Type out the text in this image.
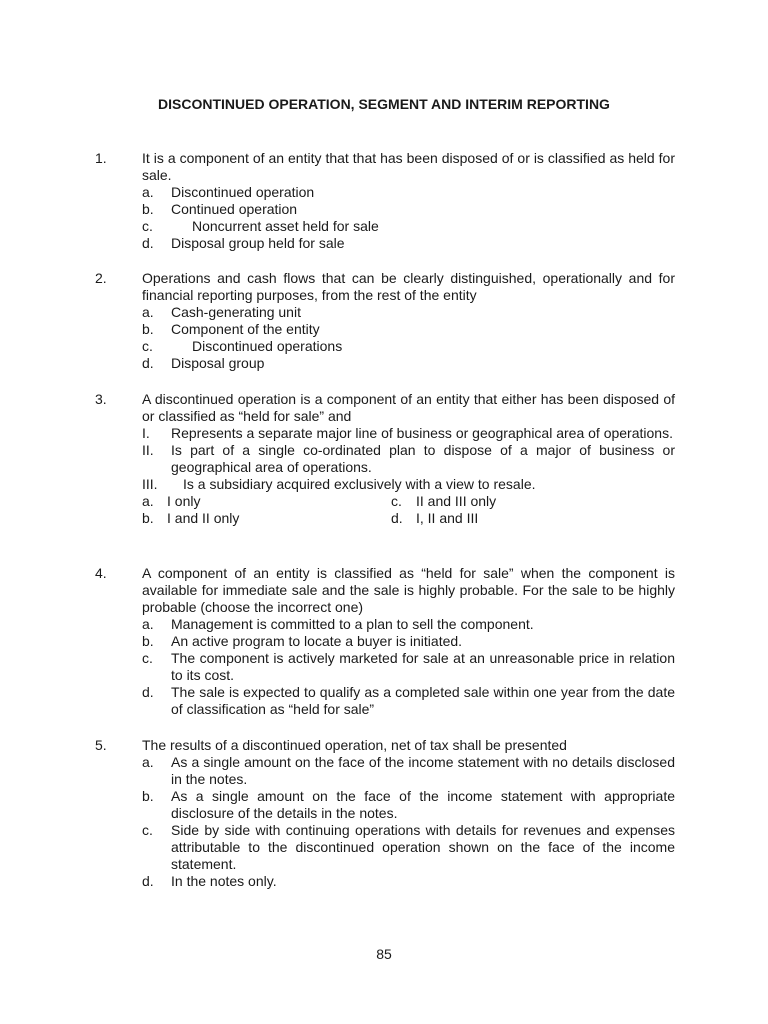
DISCONTINUED OPERATION, SEGMENT AND INTERIM REPORTING
1.	It is a component of an entity that that has been disposed of or is classified as held for sale.
a. Discontinued operation
b. Continued operation
c.	Noncurrent asset held for sale
d. Disposal group held for sale
2.	Operations and cash flows that can be clearly distinguished, operationally and for financial reporting purposes, from the rest of the entity
a. Cash-generating unit
b. Component of the entity
c.	Discontinued operations
d. Disposal group
3.	A discontinued operation is a component of an entity that either has been disposed of or classified as “held for sale” and
I. Represents a separate major line of business or geographical area of operations.
II. Is part of a single co-ordinated plan to dispose of a major of business or geographical area of operations.
III. Is a subsidiary acquired exclusively with a view to resale.
a. I only	c.	II and III only
b. I and II only	d. I, II and III
4.	A component of an entity is classified as “held for sale” when the component is available for immediate sale and the sale is highly probable. For the sale to be highly probable (choose the incorrect one)
a. Management is committed to a plan to sell the component.
b. An active program to locate a buyer is initiated.
c. The component is actively marketed for sale at an unreasonable price in relation to its cost.
d. The sale is expected to qualify as a completed sale within one year from the date of classification as “held for sale”
5.	The results of a discontinued operation, net of tax shall be presented
a. As a single amount on the face of the income statement with no details disclosed in the notes.
b. As a single amount on the face of the income statement with appropriate disclosure of the details in the notes.
c. Side by side with continuing operations with details for revenues and expenses attributable to the discontinued operation shown on the face of the income statement.
d. In the notes only.
85
